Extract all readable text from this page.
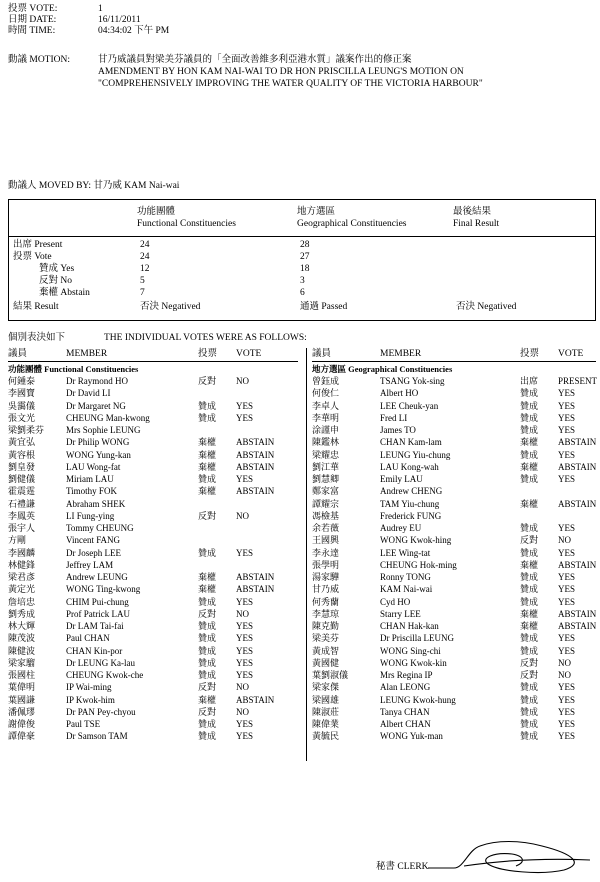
投票 VOTE:	1
日期 DATE:	16/11/2011
時間 TIME:	04:34:02 下午 PM
動議 MOTION:	甘乃威議員對梁美芬議員的「全面改善維多利亞港水質」議案作出的修正案
AMENDMENT BY HON KAM NAI-WAI TO DR HON PRISCILLA LEUNG'S MOTION ON
"COMPREHENSIVELY IMPROVING THE WATER QUALITY OF THE VICTORIA HARBOUR"
動議人 MOVED BY: 甘乃威 KAM Nai-wai
功能團體
Functional Constituencies
地方選區
Geographical Constituencies
最後結果
Final Result
出席 Present	24	28
投票 Vote	24	27
贊成 Yes	12	18
反對 No	5	3
棄權 Abstain	7	6
結果 Result	否決 Negatived	通過 Passed	否決 Negatived
個別表決如下	THE INDIVIDUAL VOTES WERE AS FOLLOWS:
議員	MEMBER	投票 VOTE	議員	MEMBER	投票 VOTE
功能團體 Functional Constituencies	地方選區 Geographical Constituencies
何鍾泰	Dr Raymond HO	反對 NO
李國寶	Dr David LI
吳靄儀	Dr Margaret NG	贊成 YES
張文光	CHEUNG Man-kwong	贊成 YES
梁劉柔芬 Mrs Sophie LEUNG
黃宜弘	Dr Philip WONG	棄權 ABSTAIN
黃容根	WONG Yung-kan	棄權 ABSTAIN
劉皇發	LAU Wong-fat	棄權 ABSTAIN
劉健儀	Miriam LAU	贊成 YES
霍震霆	Timothy FOK	棄權 ABSTAIN
石禮謙	Abraham SHEK
李鳳英	LI Fung-ying	反對 NO
張宇人	Tommy CHEUNG
方剛	Vincent FANG
李國麟	Dr Joseph LEE	贊成 YES
林健鋒	Jeffrey LAM
梁君彥	Andrew LEUNG	棄權 ABSTAIN
黃定光	WONG Ting-kwong	棄權 ABSTAIN
詹培忠	CHIM Pui-chung	贊成 YES
劉秀成	Prof Patrick LAU	反對 NO
林大輝	Dr LAM Tai-fai	贊成 YES
陳茂波	Paul CHAN	贊成 YES
陳健波	CHAN Kin-por	贊成 YES
梁家騮	Dr LEUNG Ka-lau	贊成 YES
張國柱	CHEUNG Kwok-che	贊成 YES
葉偉明	IP Wai-ming	反對 NO
葉國謙	IP Kwok-him	棄權 ABSTAIN
潘佩璆	Dr PAN Pey-chyou	反對 NO
謝偉俊	Paul TSE	贊成 YES
譚偉豪	Dr Samson TAM	贊成 YES
曾鈺成	TSANG Yok-sing	出席 PRESENT
何俊仁	Albert HO	贊成 YES
李卓人	LEE Cheuk-yan	贊成 YES
李華明	Fred LI	贊成 YES
涂謹申	James TO	贊成 YES
陳鑑林	CHAN Kam-lam	棄權 ABSTAIN
梁耀忠	LEUNG Yiu-chung	贊成 YES
劉江華	LAU Kong-wah	棄權 ABSTAIN
劉慧卿	Emily LAU	贊成 YES
鄭家富	Andrew CHENG
譚耀宗	TAM Yiu-chung	棄權 ABSTAIN
馮檢基	Frederick FUNG
余若薇	Audrey EU	贊成 YES
王國興	WONG Kwok-hing	反對 NO
李永達	LEE Wing-tat	贊成 YES
張學明	CHEUNG Hok-ming	棄權 ABSTAIN
湯家驊	Ronny TONG	贊成 YES
甘乃威	KAM Nai-wai	贊成 YES
何秀蘭	Cyd HO	贊成 YES
李慧琼	Starry LEE	棄權 ABSTAIN
陳克勤	CHAN Hak-kan	棄權 ABSTAIN
梁美芬	Dr Priscilla LEUNG	贊成 YES
黃成智	WONG Sing-chi	贊成 YES
黃國健	WONG Kwok-kin	反對 NO
葉劉淑儀	Mrs Regina IP	反對 NO
梁家傑	Alan LEONG	贊成 YES
梁國雄	LEUNG Kwok-hung	贊成 YES
陳淑莊	Tanya CHAN	贊成 YES
陳偉業	Albert CHAN	贊成 YES
黃毓民	WONG Yuk-man	贊成 YES
秘書 CLERK
